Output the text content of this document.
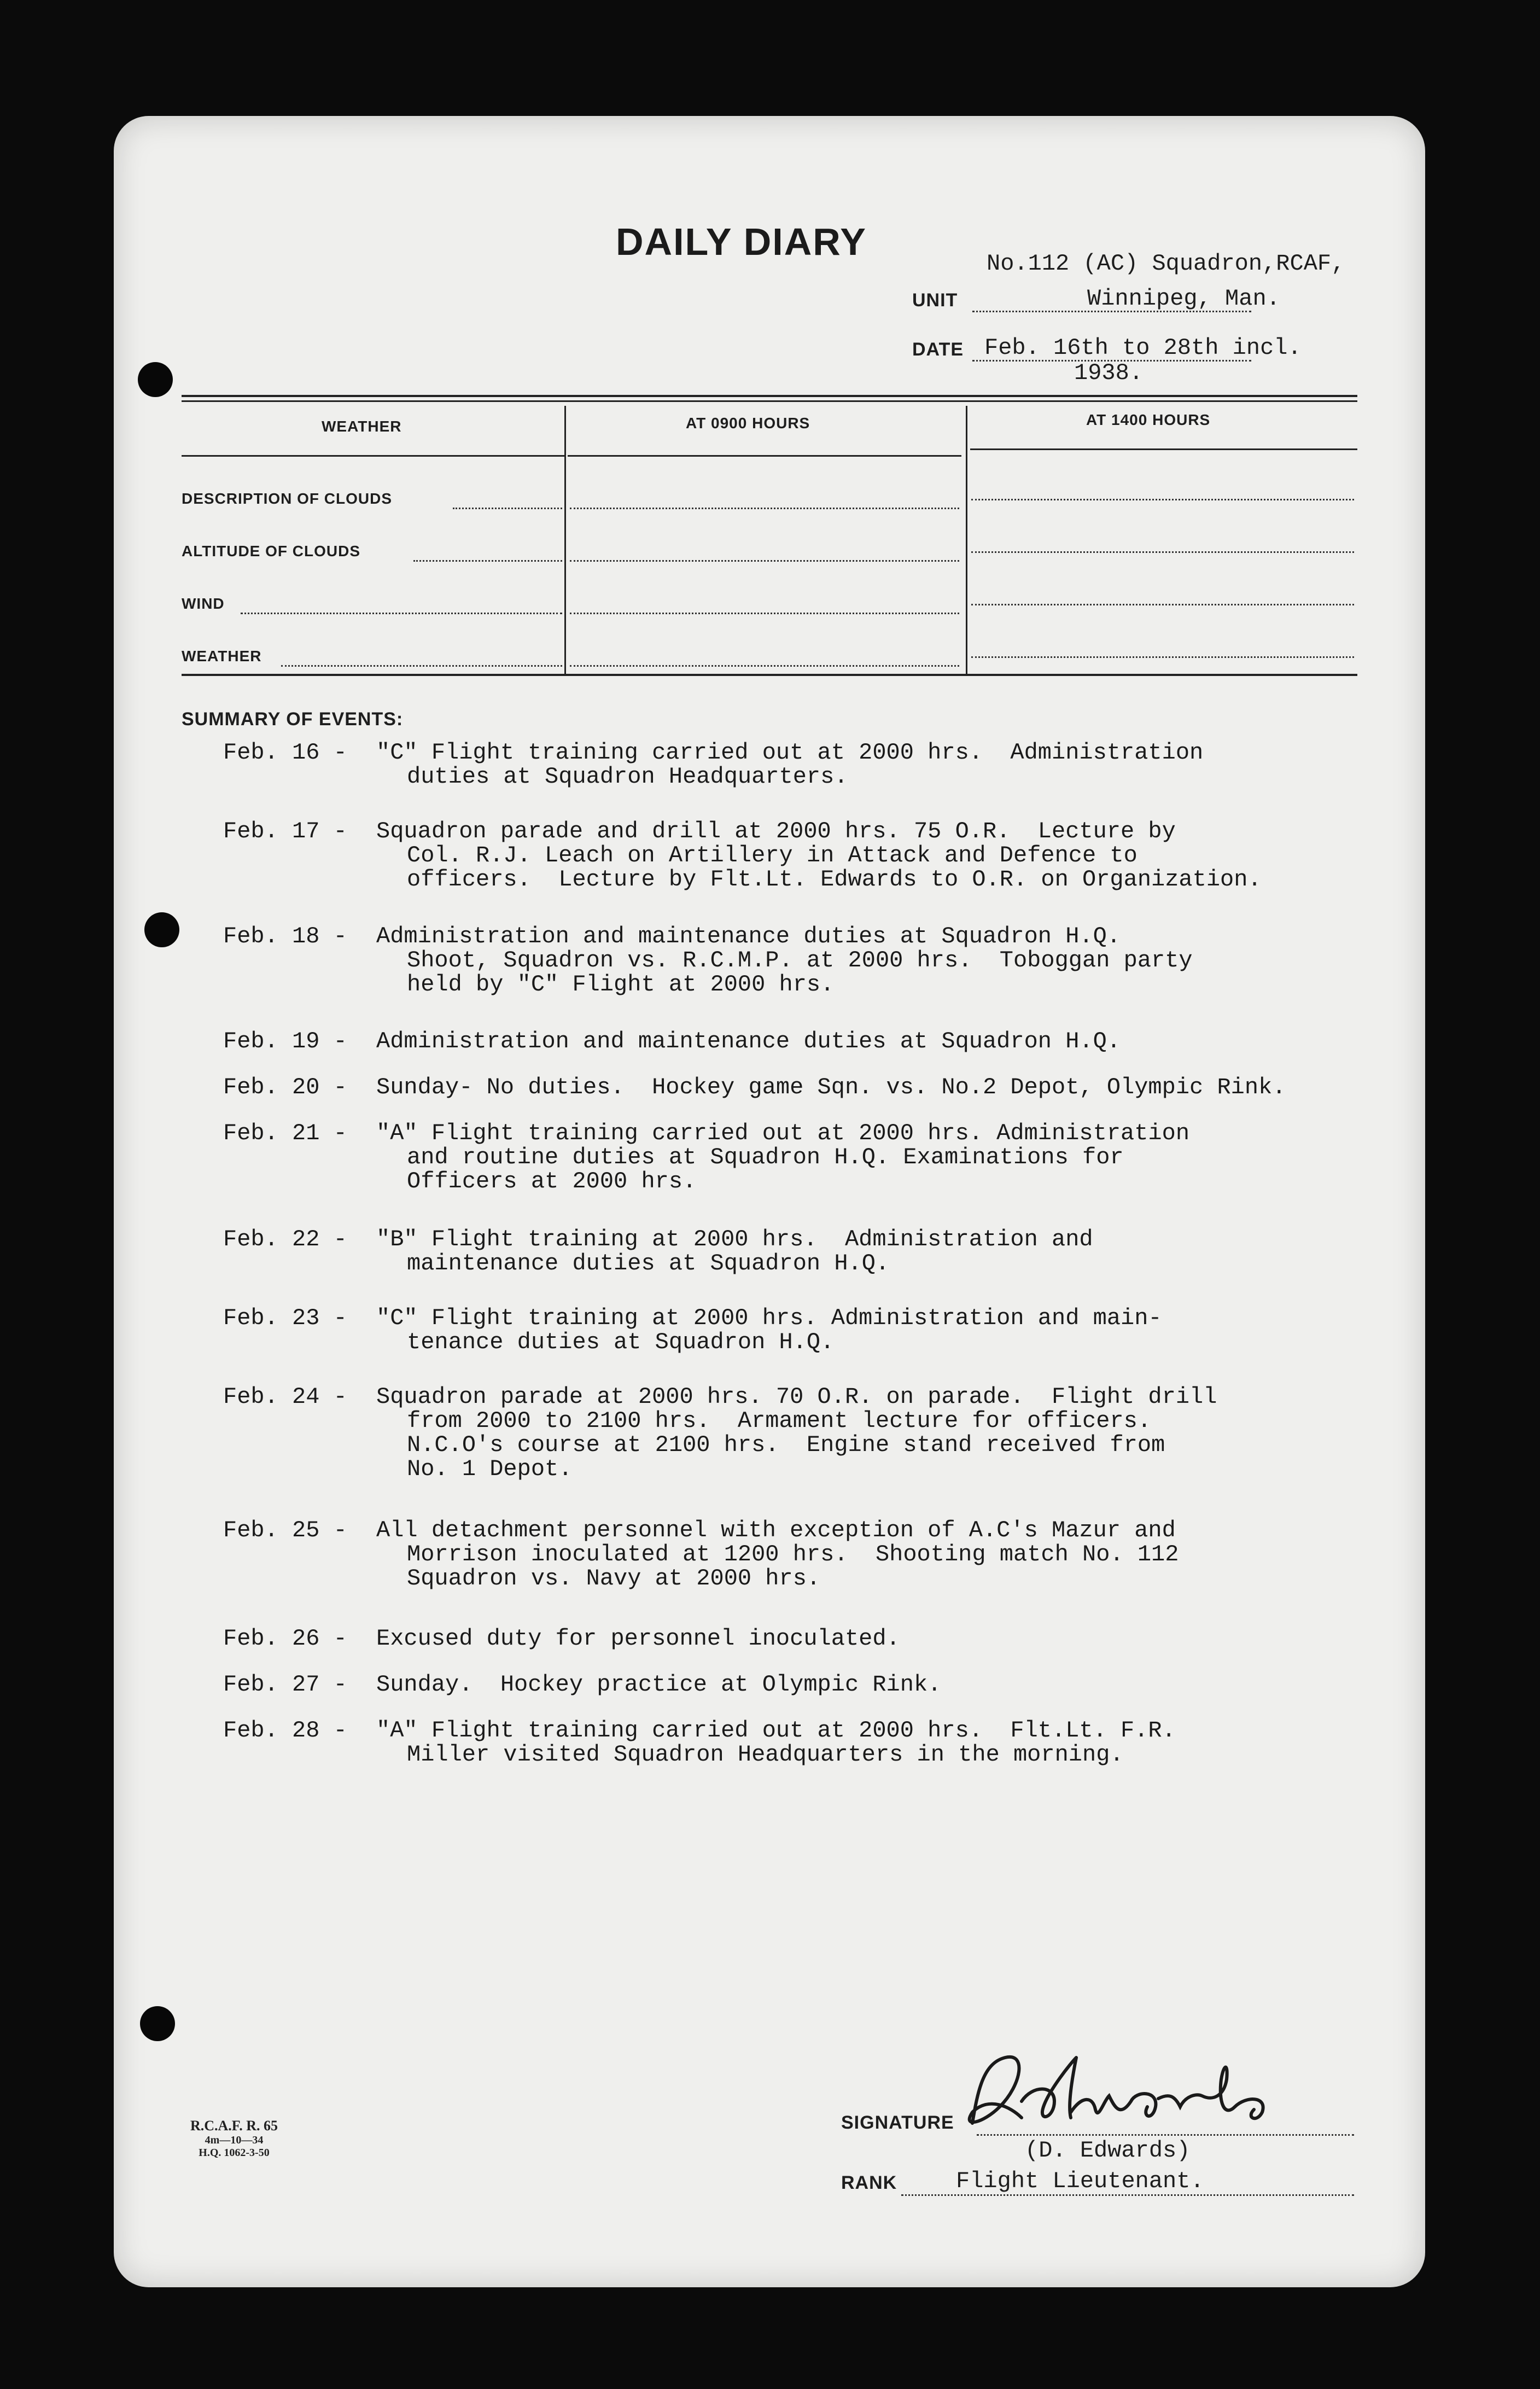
DAILY DIARY
No.112 (AC) Squadron,RCAF,
UNIT	Winnipeg, Man.
DATE Feb. 16th to 28th incl.
1938.
WEATHER	AT 0900 HOURS	AT 1400 HOURS
DESCRIPTION OF CLOUDS
ALTITUDE OF CLOUDS
WIND
WEATHER
SUMMARY OF EVENTS:
Feb. 16 - "C" Flight training carried out at 2000 hrs.  Administration
duties at Squadron Headquarters.
Feb. 17 - Squadron parade and drill at 2000 hrs. 75 O.R.  Lecture by
Col. R.J. Leach on Artillery in Attack and Defence to
officers.  Lecture by Flt.Lt. Edwards to O.R. on Organization.
Feb. 18 - Administration and maintenance duties at Squadron H.Q.
Shoot, Squadron vs. R.C.M.P. at 2000 hrs.  Toboggan party
held by "C" Flight at 2000 hrs.
Feb. 19 - Administration and maintenance duties at Squadron H.Q.
Feb. 20 - Sunday- No duties.  Hockey game Sqn. vs. No.2 Depot, Olympic Rink.
Feb. 21 - "A" Flight training carried out at 2000 hrs. Administration
and routine duties at Squadron H.Q. Examinations for
Officers at 2000 hrs.
Feb. 22 - "B" Flight training at 2000 hrs.  Administration and
maintenance duties at Squadron H.Q.
Feb. 23 - "C" Flight training at 2000 hrs. Administration and main-
tenance duties at Squadron H.Q.
Feb. 24 - Squadron parade at 2000 hrs. 70 O.R. on parade.  Flight drill
from 2000 to 2100 hrs.  Armament lecture for officers.
N.C.O's course at 2100 hrs.  Engine stand received from
No. 1 Depot.
Feb. 25 - All detachment personnel with exception of A.C's Mazur and
Morrison inoculated at 1200 hrs.  Shooting match No. 112
Squadron vs. Navy at 2000 hrs.
Feb. 26 - Excused duty for personnel inoculated.
Feb. 27 - Sunday.  Hockey practice at Olympic Rink.
Feb. 28 - "A" Flight training carried out at 2000 hrs.  Flt.Lt. F.R.
Miller visited Squadron Headquarters in the morning.
R.C.A.F. R. 65
4m—10—34
H.Q. 1062-3-50
SIGNATURE
(D. Edwards)
RANK	Flight Lieutenant.
